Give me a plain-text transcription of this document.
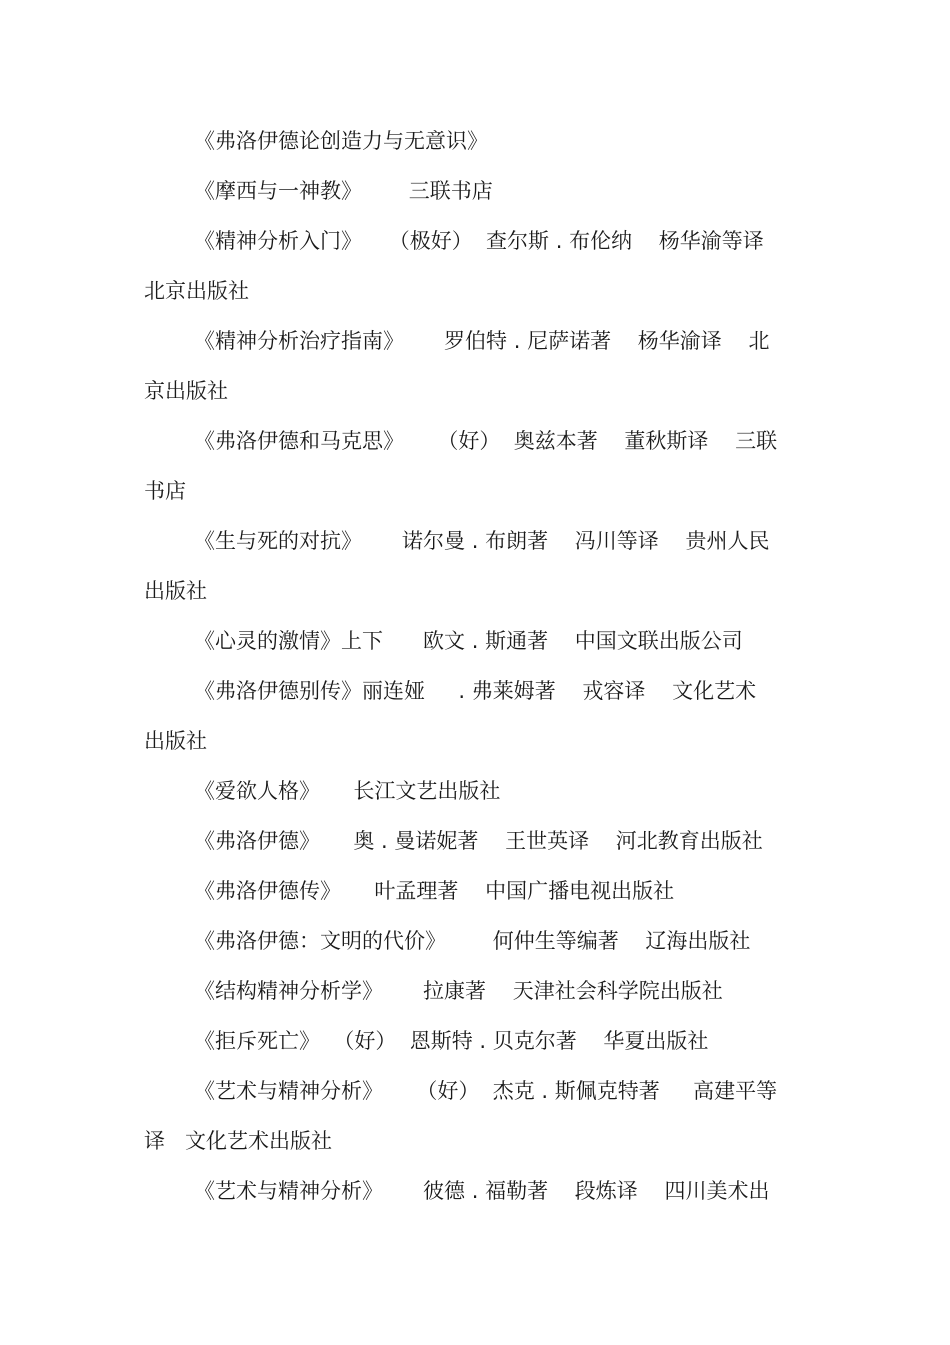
《弗洛伊德论创造力与无意识》
《摩西与一神教》       三联书店
《精神分析入门》    （极好）  查尔斯 . 布伦纳    杨华渝等译
北京出版社
《精神分析治疗指南》      罗伯特 . 尼萨诺著    杨华渝译    北
京出版社
《弗洛伊德和马克思》     （好）  奥兹本著    董秋斯译    三联
书店
《生与死的对抗》      诺尔曼 . 布朗著    冯川等译    贵州人民
出版社
《心灵的激情》上下      欧文 . 斯通著    中国文联出版公司
《弗洛伊德别传》丽连娅     . 弗莱姆著    戎容译    文化艺术
出版社
《爱欲人格》     长江文艺出版社
《弗洛伊德》     奥 . 曼诺妮著    王世英译    河北教育出版社
《弗洛伊德传》     叶孟理著    中国广播电视出版社
《弗洛伊德：文明的代价》       何仲生等编著    辽海出版社
《结构精神分析学》      拉康著    天津社会科学院出版社
《拒斥死亡》  （好）  恩斯特 . 贝克尔著    华夏出版社
《艺术与精神分析》     （好）  杰克 . 斯佩克特著     高建平等
译   文化艺术出版社
《艺术与精神分析》      彼德 . 福勒著    段炼译    四川美术出
